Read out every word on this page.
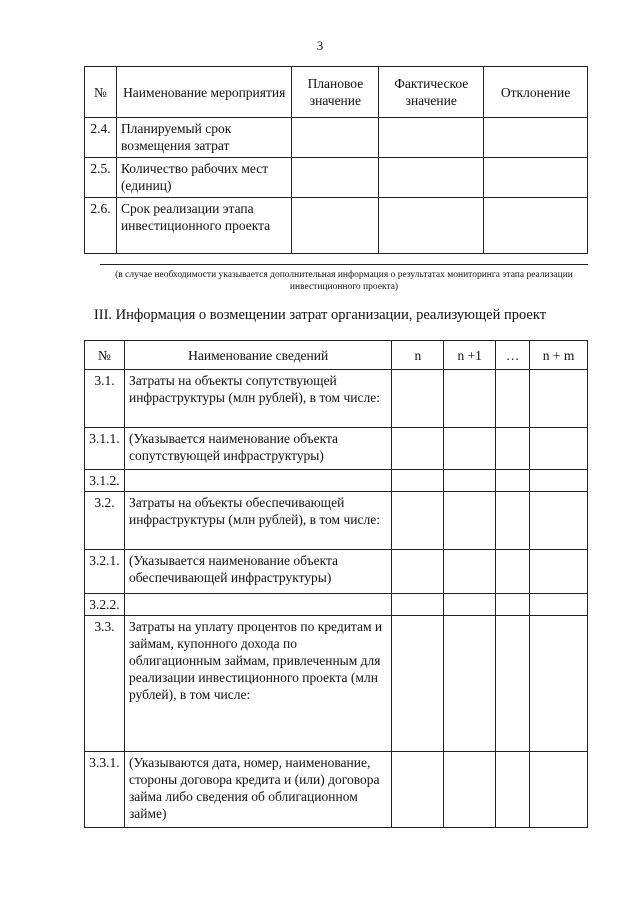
3
№	Наименование мероприятия	Плановое значение	Фактическое значение	Отклонение
2.4.	Планируемый срок возмещения затрат			
2.5.	Количество рабочих мест (единиц)			
2.6.	Срок реализации этапа инвестиционного проекта			
(в случае необходимости указывается дополнительная информация о результатах мониторинга этапа реализации инвестиционного проекта)
III. Информация о возмещении затрат организации, реализующей проект
№	Наименование сведений	n	n +1	…	n + m
3.1.	Затраты на объекты сопутствующей инфраструктуры (млн рублей), в том числе:				
3.1.1.	(Указывается наименование объекта сопутствующей инфраструктуры)				
3.1.2.					
3.2.	Затраты на объекты обеспечивающей инфраструктуры (млн рублей), в том числе:				
3.2.1.	(Указывается наименование объекта обеспечивающей инфраструктуры)				
3.2.2.					
3.3.	Затраты на уплату процентов по кредитам и займам, купонного дохода по облигационным займам, привлеченным для реализации инвестиционного проекта (млн рублей), в том числе:				
3.3.1.	(Указываются дата, номер, наименование, стороны договора кредита и (или) договора займа либо сведения об облигационном займе)				
